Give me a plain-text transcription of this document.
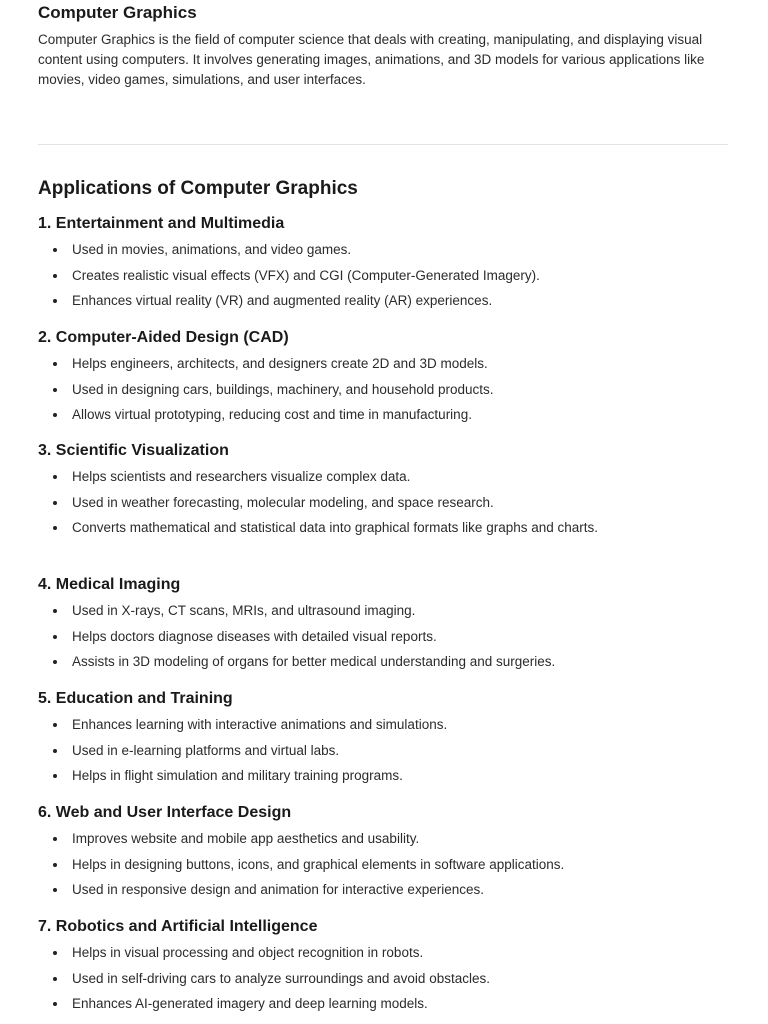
Computer Graphics

Computer Graphics is the field of computer science that deals with creating, manipulating, and displaying visual content using computers. It involves generating images, animations, and 3D models for various applications like movies, video games, simulations, and user interfaces.

Applications of Computer Graphics
1. Entertainment and Multimedia
Used in movies, animations, and video games.
Creates realistic visual effects (VFX) and CGI (Computer-Generated Imagery).
Enhances virtual reality (VR) and augmented reality (AR) experiences.
2. Computer-Aided Design (CAD)
Helps engineers, architects, and designers create 2D and 3D models.
Used in designing cars, buildings, machinery, and household products.
Allows virtual prototyping, reducing cost and time in manufacturing.
3. Scientific Visualization
Helps scientists and researchers visualize complex data.
Used in weather forecasting, molecular modeling, and space research.
Converts mathematical and statistical data into graphical formats like graphs and charts.
4. Medical Imaging
Used in X-rays, CT scans, MRIs, and ultrasound imaging.
Helps doctors diagnose diseases with detailed visual reports.
Assists in 3D modeling of organs for better medical understanding and surgeries.
5. Education and Training
Enhances learning with interactive animations and simulations.
Used in e-learning platforms and virtual labs.
Helps in flight simulation and military training programs.
6. Web and User Interface Design
Improves website and mobile app aesthetics and usability.
Helps in designing buttons, icons, and graphical elements in software applications.
Used in responsive design and animation for interactive experiences.
7. Robotics and Artificial Intelligence
Helps in visual processing and object recognition in robots.
Used in self-driving cars to analyze surroundings and avoid obstacles.
Enhances AI-generated imagery and deep learning models.
